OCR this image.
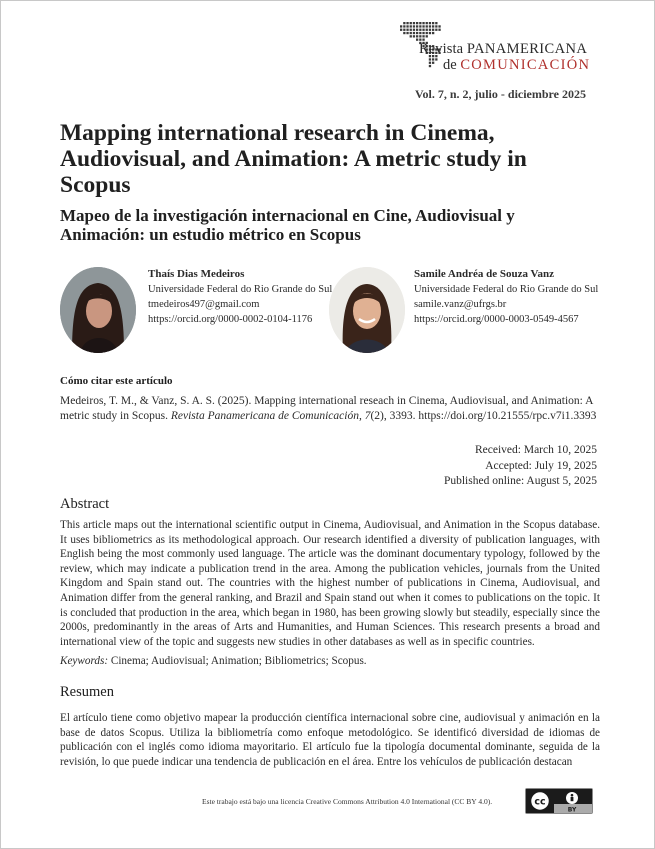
Revista PANAMERICANA
de COMUNICACIÓN
Vol. 7, n. 2, julio - diciembre 2025
Mapping international research in Cinema, Audiovisual, and Animation: A metric study in Scopus
Mapeo de la investigación internacional en Cine, Audiovisual y Animación: un estudio métrico en Scopus
Thaís Dias Medeiros
Universidade Federal do Rio Grande do Sul
tmedeiros497@gmail.com
https://orcid.org/0000-0002-0104-1176
Samile Andréa de Souza Vanz
Universidade Federal do Rio Grande do Sul
samile.vanz@ufrgs.br
https://orcid.org/0000-0003-0549-4567
Cómo citar este artículo

Medeiros, T. M., & Vanz, S. A. S. (2025). Mapping international reseach in Cinema, Audiovisual, and Animation: A metric study in Scopus. Revista Panamericana de Comunicación, 7(2), 3393. https://doi.org/10.21555/rpc.v7i1.3393

Received: March 10, 2025
Accepted: July 19, 2025
Published online: August 5, 2025
Abstract

This article maps out the international scientific output in Cinema, Audiovisual, and Animation in the Scopus database. It uses bibliometrics as its methodological approach. Our research identified a diversity of publication languages, with English being the most commonly used language. The article was the dominant documentary typology, followed by the review, which may indicate a publication trend in the area. Among the publication vehicles, journals from the United Kingdom and Spain stand out. The countries with the highest number of publications in Cinema, Audiovisual, and Animation differ from the general ranking, and Brazil and Spain stand out when it comes to publications on the topic. It is concluded that production in the area, which began in 1980, has been growing slowly but steadily, especially since the 2000s, predominantly in the areas of Arts and Humanities, and Human Sciences. This research presents a broad and international view of the topic and suggests new studies in other databases as well as in specific countries.

Keywords: Cinema; Audiovisual; Animation; Bibliometrics; Scopus.

Resumen

El artículo tiene como objetivo mapear la producción científica internacional sobre cine, audiovisual y animación en la base de datos Scopus. Utiliza la bibliometría como enfoque metodológico. Se identificó diversidad de idiomas de publicación con el inglés como idioma mayoritario. El artículo fue la tipología documental dominante, seguida de la revisión, lo que puede indicar una tendencia de publicación en el área. Entre los vehículos de publicación destacan

Este trabajo está bajo una licencia Creative Commons Attribution 4.0 International (CC BY 4.0).	cc
BY
